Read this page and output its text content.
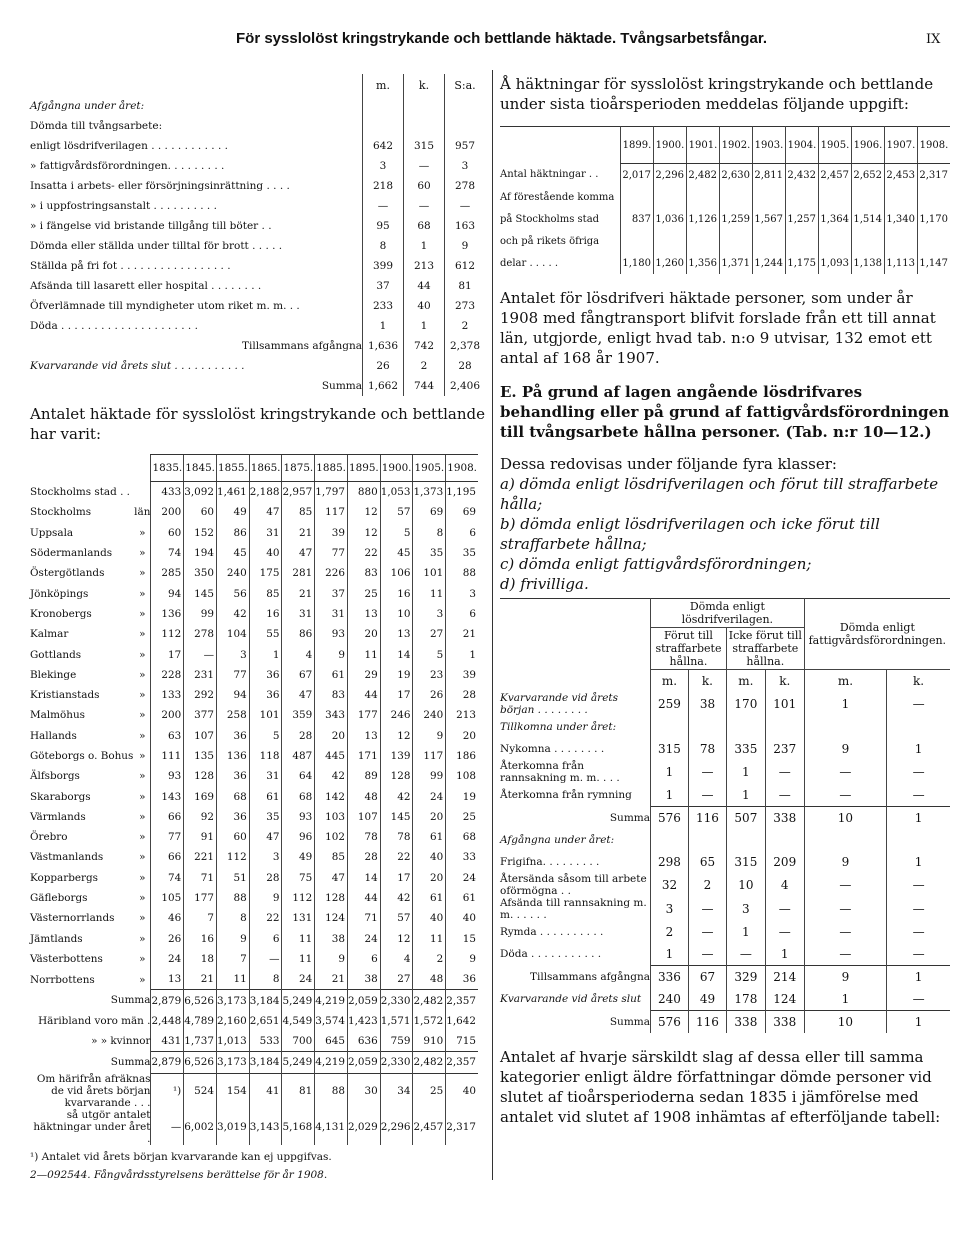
För sysslolöst kringstrykande och bettlande häktade. Tvångsarbetsfångar.	IX
	m.	k.	S:a.
Afgångna under året:			
Dömda till tvångsarbete:			
enligt lösdrifverilagen . . . . . . . . . . . .	642	315	957
» fattigvårdsförordningen. . . . . . . . .	3	—	3
Insatta i arbets- eller försörjningsinrättning . . . .	218	60	278
» i uppfostringsanstalt . . . . . . . . . .	—	—	—
» i fängelse vid bristande tillgång till böter . .	95	68	163
Dömda eller ställda under tilltal för brott . . . . .	8	1	9
Ställda på fri fot . . . . . . . . . . . . . . . . .	399	213	612
Afsända till lasarett eller hospital . . . . . . . .	37	44	81
Öfverlämnade till myndigheter utom riket m. m. . .	233	40	273
Döda . . . . . . . . . . . . . . . . . . . . .	1	1	2
Tillsammans afgångna	1,636	742	2,378
Kvarvarande vid årets slut . . . . . . . . . . .	26	2	28
Summa	1,662	744	2,406

Antalet häktade för sysslolöst kringstrykande och bettlande har varit:

		1835.	1845.	1855.	1865.	1875.	1885.	1895.	1900.	1905.	1908.
Stockholms stad . .		433	3,092	1,461	2,188	2,957	1,797	880	1,053	1,373	1,195
Stockholms	län	200	60	49	47	85	117	12	57	69	69
Uppsala	»	60	152	86	31	21	39	12	5	8	6
Södermanlands	»	74	194	45	40	47	77	22	45	35	35
Östergötlands	»	285	350	240	175	281	226	83	106	101	88
Jönköpings	»	94	145	56	85	21	37	25	16	11	3
Kronobergs	»	136	99	42	16	31	31	13	10	3	6
Kalmar	»	112	278	104	55	86	93	20	13	27	21
Gottlands	»	17	—	3	1	4	9	11	14	5	1
Blekinge	»	228	231	77	36	67	61	29	19	23	39
Kristianstads	»	133	292	94	36	47	83	44	17	26	28
Malmöhus	»	200	377	258	101	359	343	177	246	240	213
Hallands	»	63	107	36	5	28	20	13	12	9	20
Göteborgs o. Bohus	»	111	135	136	118	487	445	171	139	117	186
Älfsborgs	»	93	128	36	31	64	42	89	128	99	108
Skaraborgs	»	143	169	68	61	68	142	48	42	24	19
Värmlands	»	66	92	36	35	93	103	107	145	20	25
Örebro	»	77	91	60	47	96	102	78	78	61	68
Västmanlands	»	66	221	112	3	49	85	28	22	40	33
Kopparbergs	»	74	71	51	28	75	47	14	17	20	24
Gäfleborgs	»	105	177	88	9	112	128	44	42	61	61
Västernorrlands	»	46	7	8	22	131	124	71	57	40	40
Jämtlands	»	26	16	9	6	11	38	24	12	11	15
Västerbottens	»	24	18	7	—	11	9	6	4	2	9
Norrbottens	»	13	21	11	8	24	21	38	27	48	36
Summa		2,879	6,526	3,173	3,184	5,249	4,219	2,059	2,330	2,482	2,357
Häribland voro män .		2,448	4,789	2,160	2,651	4,549	3,574	1,423	1,571	1,572	1,642
» » kvinnor		431	1,737	1,013	533	700	645	636	759	910	715
Summa		2,879	6,526	3,173	3,184	5,249	4,219	2,059	2,330	2,482	2,357
Om härifrån afräknas de vid årets början kvarvarande . . .		¹)	524	154	41	81	88	30	34	25	40
så utgör antalet häktningar under året .		—	6,002	3,019	3,143	5,168	4,131	2,029	2,296	2,457	2,317
¹) Antalet vid årets början kvarvarande kan ej uppgifvas.
2—092544. Fångvårdsstyrelsens berättelse för år 1908.

Å häktningar för sysslolöst kringstrykande och bettlande under sista tioårsperioden meddelas följande uppgift:

	1899.	1900.	1901.	1902.	1903.	1904.	1905.	1906.	1907.	1908.
Antal häktningar . .	2,017	2,296	2,482	2,630	2,811	2,432	2,457	2,652	2,453	2,317
Af förestående komma										
på Stockholms stad	837	1,036	1,126	1,259	1,567	1,257	1,364	1,514	1,340	1,170
och på rikets öfriga										
delar . . . . .	1,180	1,260	1,356	1,371	1,244	1,175	1,093	1,138	1,113	1,147

Antalet för lösdrifveri häktade personer, som under år 1908 med fångtransport blifvit forslade från ett till annat län, utgjorde, enligt hvad tab. n:o 9 utvisar, 132 emot ett antal af 168 år 1907.

E. På grund af lagen angående lösdrifvares behandling eller på grund af fattigvårdsförordningen till tvångsarbete hållna personer. (Tab. n:r 10—12.)

Dessa redovisas under följande fyra klasser:

a) dömda enligt lösdrifverilagen och förut till straffarbete hålla;

b) dömda enligt lösdrifverilagen och icke förut till straffarbete hållna;

c) dömda enligt fattigvårdsförordningen;

d) frivilliga.

	Dömda enligt lösdrifverilagen.				Dömda enligt fattigvårdsförordningen.	
	Förut till straffarbete hållna.		Icke förut till straffarbete hållna.			
	m.	k.	m.	k.	m.	k.
Kvarvarande vid årets början . . . . . . . .	259	38	170	101	1	—
Tillkomna under året:						
Nykomna . . . . . . . .	315	78	335	237	9	1
Återkomna från rannsakning m. m. . . .	1	—	1	—	—	—
Återkomna från rymning	1	—	1	—	—	—
Summa	576	116	507	338	10	1
Afgångna under året:						
Frigifna. . . . . . . . .	298	65	315	209	9	1
Återsända såsom till arbete oförmögna . .	32	2	10	4	—	—
Afsända till rannsakning m. m. . . . . .	3	—	3	—	—	—
Rymda . . . . . . . . . .	2	—	1	—	—	—
Döda . . . . . . . . . . .	1	—	—	1	—	—
Tillsammans afgångna	336	67	329	214	9	1
Kvarvarande vid årets slut	240	49	178	124	1	—
Summa	576	116	338	338	10	1

Antalet af hvarje särskildt slag af dessa eller till samma kategorier enligt äldre författningar dömde personer vid slutet af tioårsperioderna sedan 1835 i jämförelse med antalet vid slutet af 1908 inhämtas af efterföljande tabell:
